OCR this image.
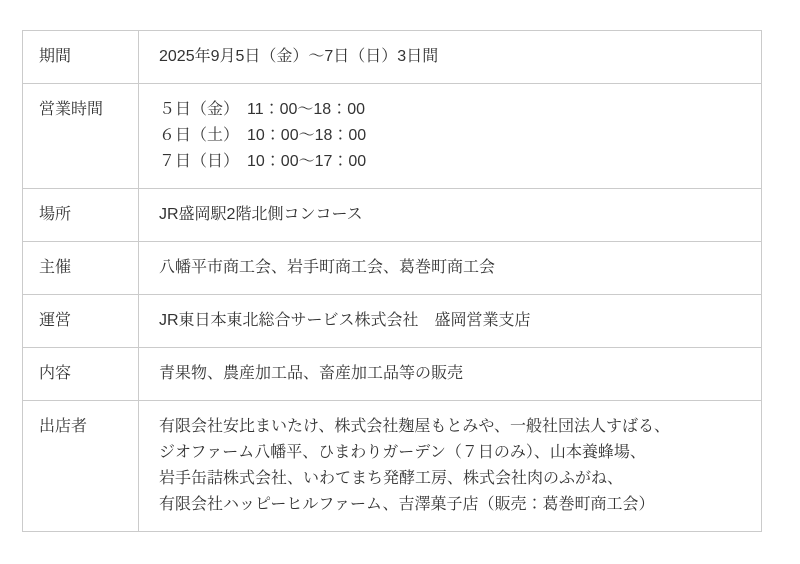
期間	2025年9月5日（金）～7日（日）3日間

営業時間	５日（金）　11：00～18：00
６日（土）　10：00～18：00
７日（日）　10：00～17：00

場所	JR盛岡駅2階北側コンコース

主催	八幡平市商工会、岩手町商工会、葛巻町商工会

運営	JR東日本東北総合サービス株式会社　盛岡営業支店

内容	青果物、農産加工品、畜産加工品等の販売

出店者	有限会社安比まいたけ、株式会社麹屋もとみや、一般社団法人すばる、
ジオファーム八幡平、ひまわりガーデン（７日のみ）、山本養蜂場、
岩手缶詰株式会社、いわてまち発酵工房、株式会社肉のふがね、
有限会社ハッピーヒルファーム、吉澤菓子店（販売：葛巻町商工会）
